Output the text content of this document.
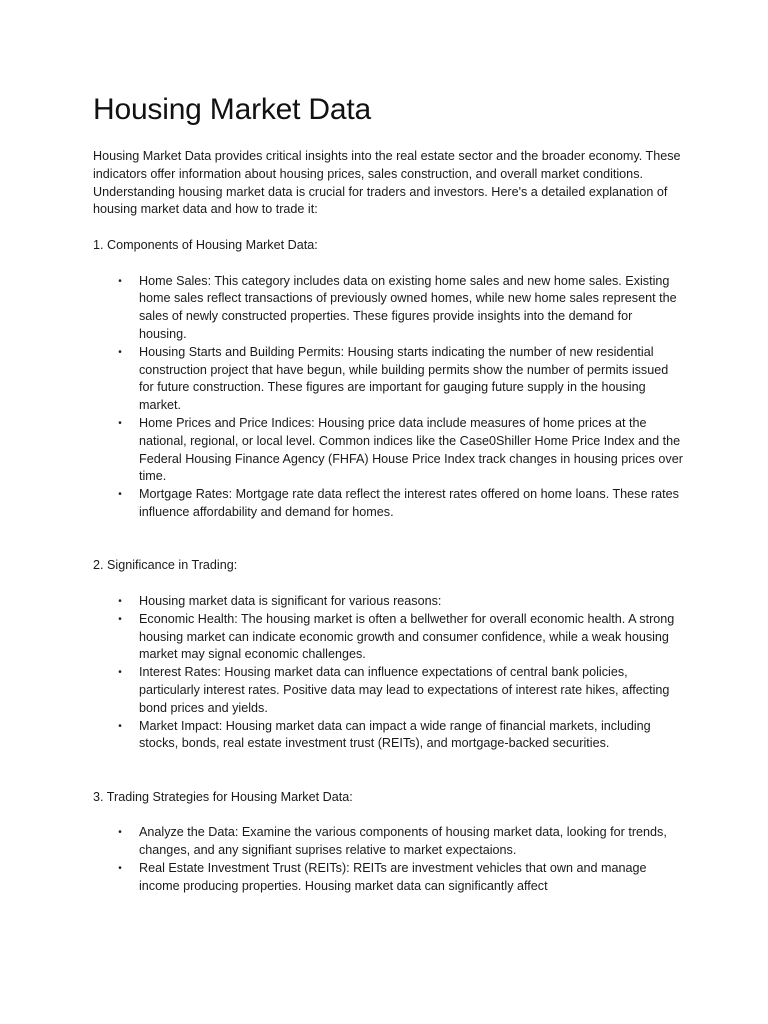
Housing Market Data

Housing Market Data provides critical insights into the real estate sector and the broader economy. These indicators offer information about housing prices, sales construction, and overall market conditions. Understanding housing market data is crucial for traders and investors. Here's a detailed explanation of housing market data and how to trade it:

1. Components of Housing Market Data:

• Home Sales: This category includes data on existing home sales and new home sales. Existing home sales reflect transactions of previously owned homes, while new home sales represent the sales of newly constructed properties. These figures provide insights into the demand for housing.
• Housing Starts and Building Permits: Housing starts indicating the number of new residential construction project that have begun, while building permits show the number of permits issued for future construction. These figures are important for gauging future supply in the housing market.
• Home Prices and Price Indices: Housing price data include measures of home prices at the national, regional, or local level. Common indices like the Case0Shiller Home Price Index and the Federal Housing Finance Agency (FHFA) House Price Index track changes in housing prices over time.
• Mortgage Rates: Mortgage rate data reflect the interest rates offered on home loans. These rates influence affordability and demand for homes.

2. Significance in Trading:

• Housing market data is significant for various reasons:
• Economic Health: The housing market is often a bellwether for overall economic health. A strong housing market can indicate economic growth and consumer confidence, while a weak housing market may signal economic challenges.
• Interest Rates: Housing market data can influence expectations of central bank policies, particularly interest rates. Positive data may lead to expectations of interest rate hikes, affecting bond prices and yields.
• Market Impact: Housing market data can impact a wide range of financial markets, including stocks, bonds, real estate investment trust (REITs), and mortgage-backed securities.

3. Trading Strategies for Housing Market Data:

• Analyze the Data: Examine the various components of housing market data, looking for trends, changes, and any signifiant suprises relative to market expectaions.
• Real Estate Investment Trust (REITs): REITs are investment vehicles that own and manage income producing properties. Housing market data can significantly affect
